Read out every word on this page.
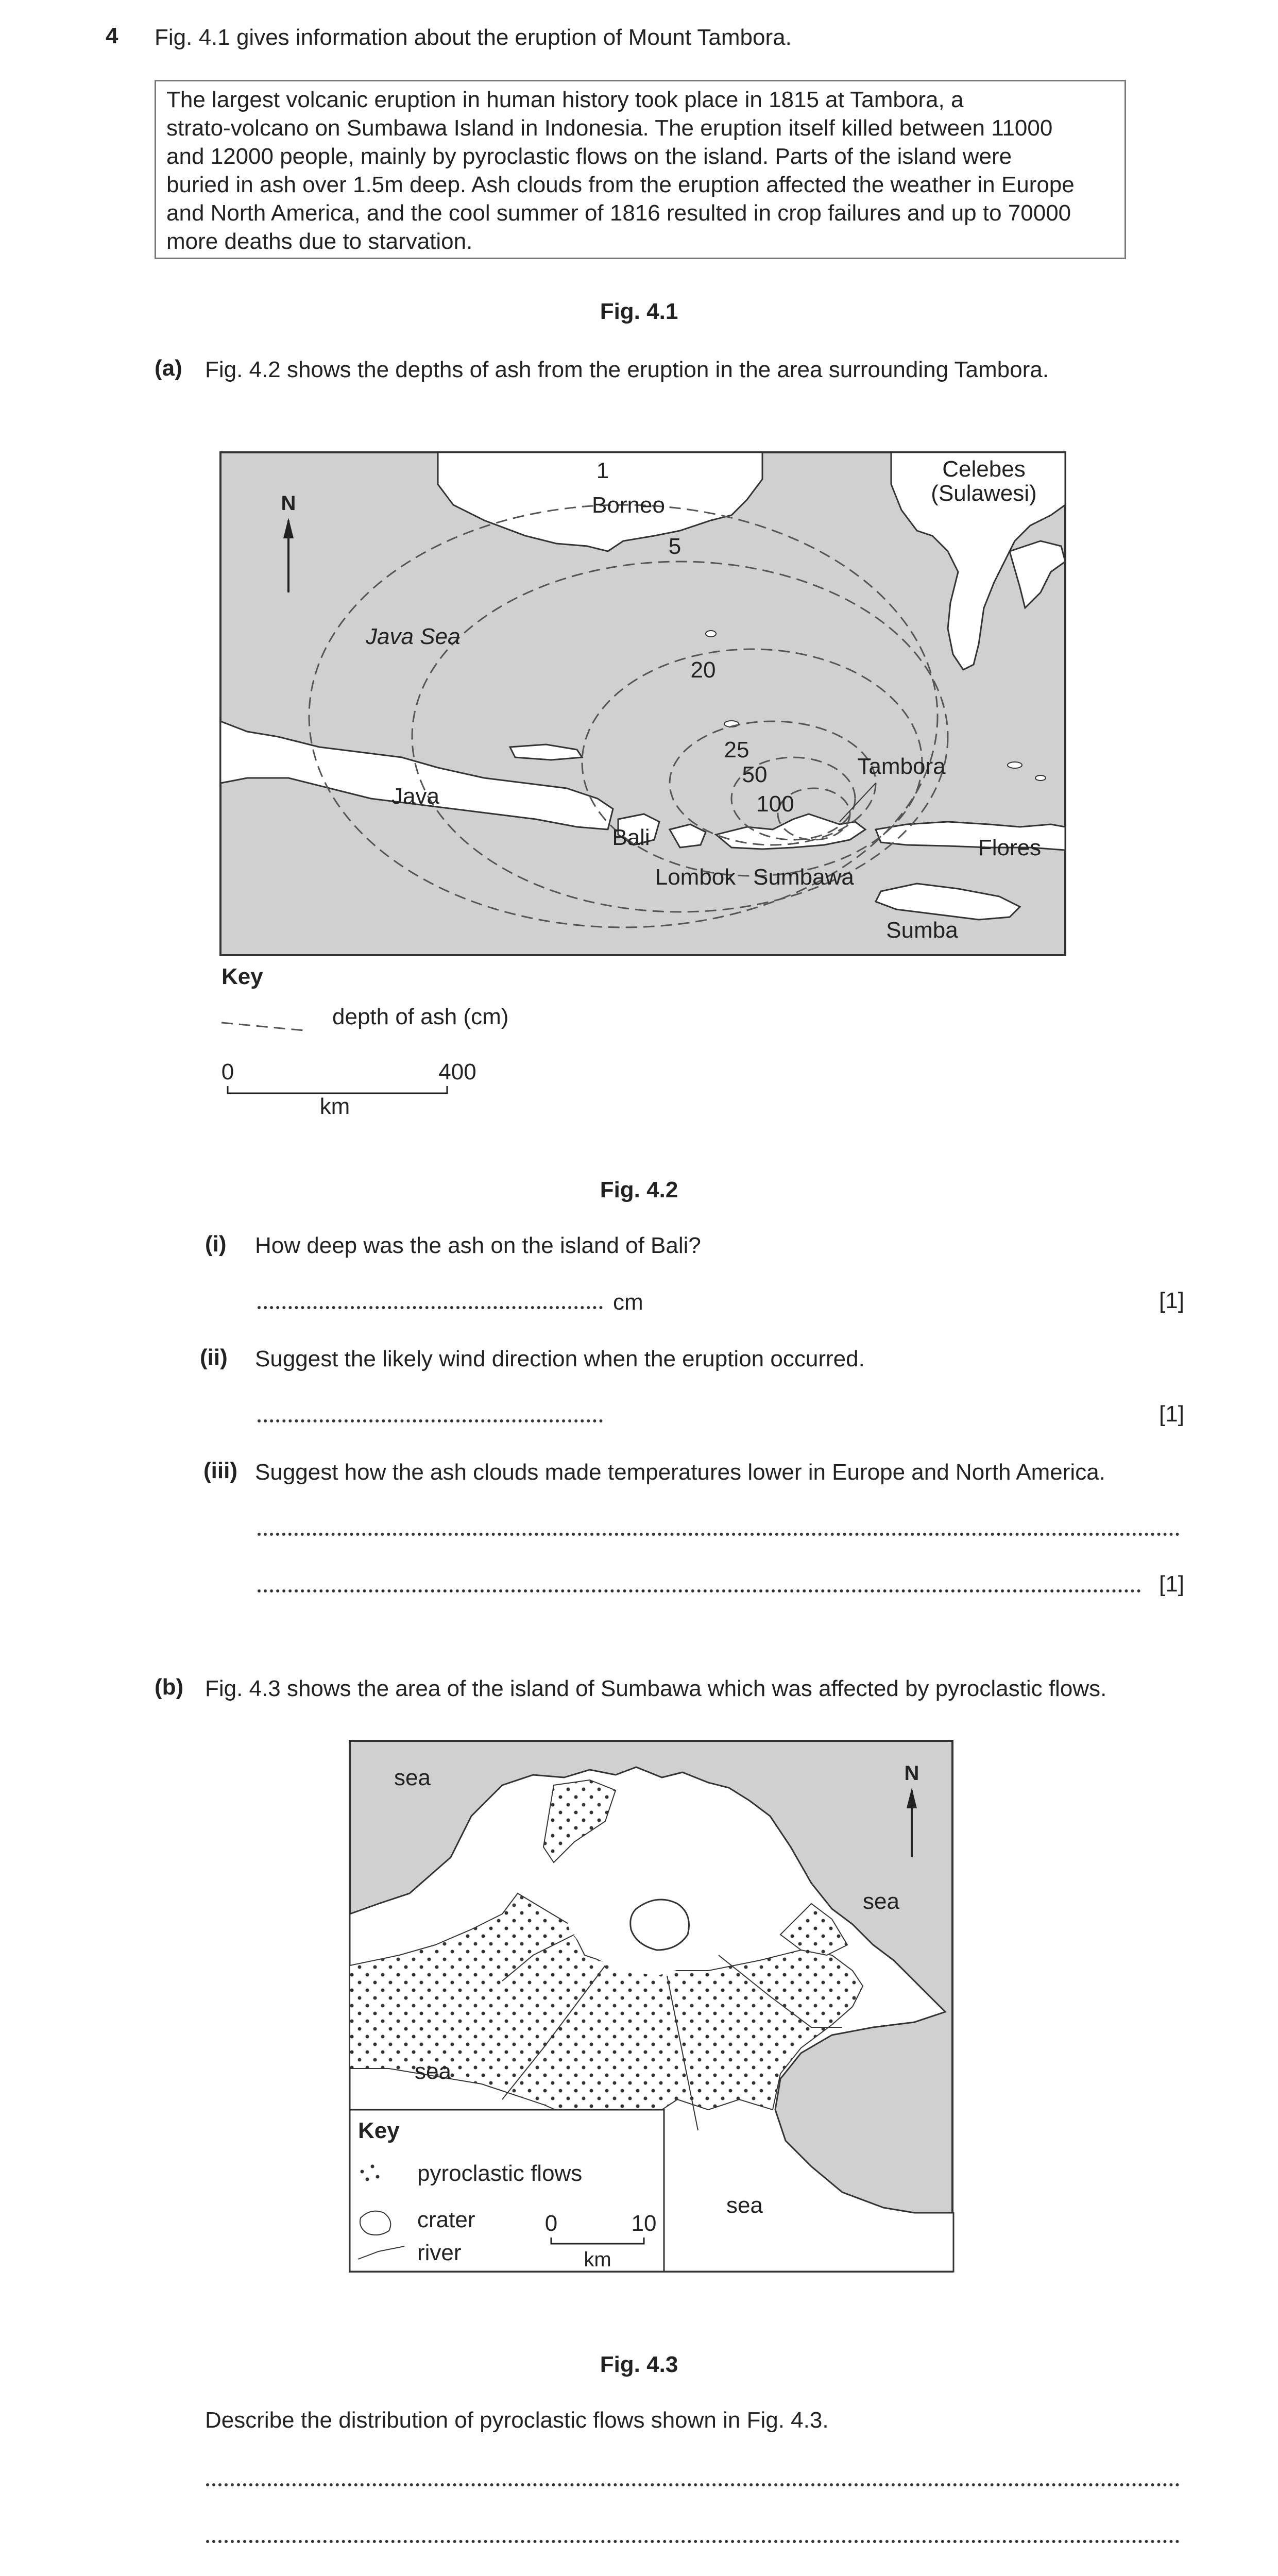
4 Fig. 4.1 gives information about the eruption of Mount Tambora.
The largest volcanic eruption in human history took place in 1815 at Tambora, a
strato-volcano on Sumbawa Island in Indonesia. The eruption itself killed between 11000
and 12000 people, mainly by pyroclastic flows on the island. Parts of the island were
buried in ash over 1.5m deep. Ash clouds from the eruption affected the weather in Europe
and North America, and the cool summer of 1816 resulted in crop failures and up to 70000
more deaths due to starvation.
Fig. 4.1
(a) Fig. 4.2 shows the depths of ash from the eruption in the area surrounding Tambora.
1
Borneo
5
Celebes
(Sulawesi)
Java Sea
20
25
50
100
Tambora
Java
Bali
Lombok Sumbawa
Flores
Sumba
N
Key
depth of ash (cm)
0	400
km
Fig. 4.2
(i) How deep was the ash on the island of Bali?
cm	[1]
(ii) Suggest the likely wind direction when the eruption occurred.
[1]
(iii) Suggest how the ash clouds made temperatures lower in Europe and North America.
[1]
(b) Fig. 4.3 shows the area of the island of Sumbawa which was affected by pyroclastic flows.
sea
sea
sea
sea
N
Key
pyroclastic flows
crater
river
0	10
km
Fig. 4.3
Describe the distribution of pyroclastic flows shown in Fig. 4.3.
